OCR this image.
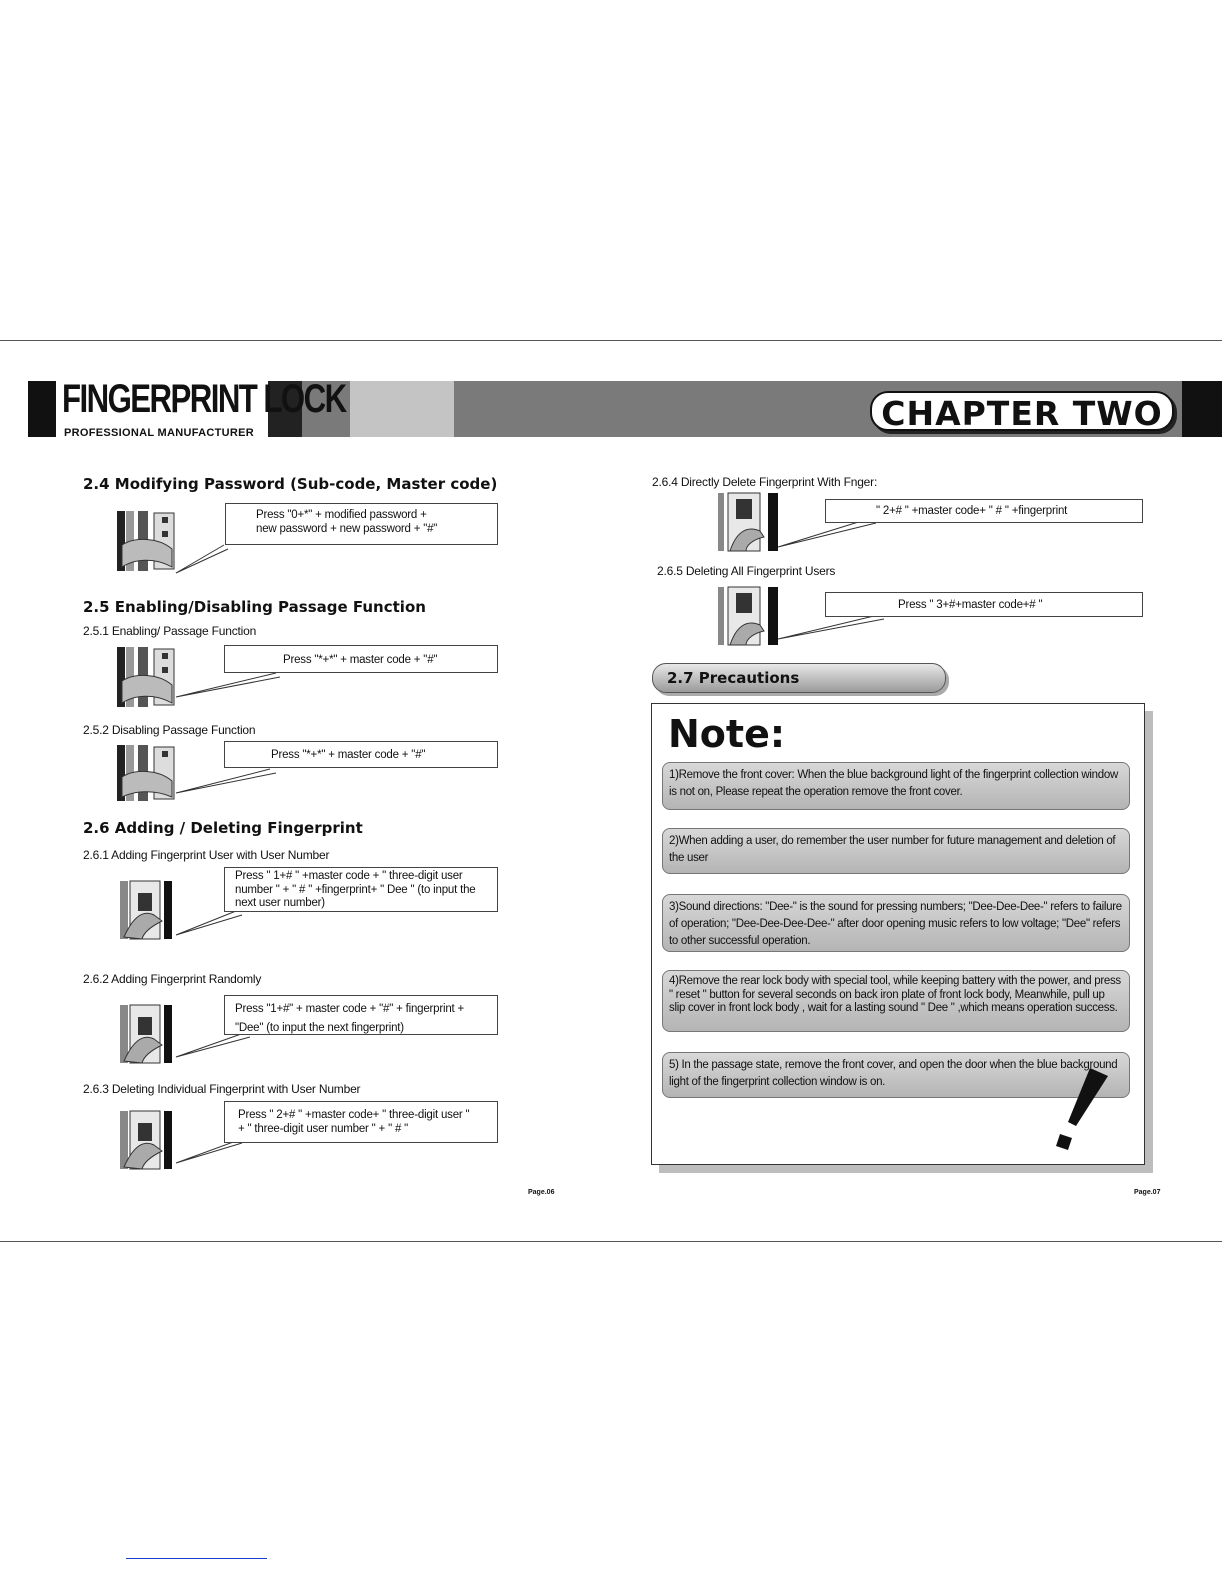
FINGERPRINT LOCK
PROFESSIONAL MANUFACTURER	CHAPTER TWO
2.4 Modifying Password (Sub-code, Master code)
Press "0+*" + modified password +
new password + new password + "#"
2.5 Enabling/Disabling Passage Function
2.5.1 Enabling/ Passage Function
Press "*+*" + master code + "#"
2.5.2 Disabling Passage Function
Press "*+*" + master code + "#"
2.6 Adding / Deleting Fingerprint
2.6.1 Adding Fingerprint User with User Number
Press " 1+# " +master code + " three-digit user number " + " # " +fingerprint+ " Dee " (to input the next user number)
2.6.2 Adding Fingerprint Randomly
Press "1+#" + master code + "#" + fingerprint +
"Dee" (to input the next fingerprint)
2.6.3 Deleting Individual Fingerprint with User Number
Press " 2+# " +master code+ " three-digit user "
+ " three-digit user number " + " # "
Page.06
2.6.4 Directly Delete Fingerprint With Fnger:
" 2+# " +master code+ " # " +fingerprint
2.6.5 Deleting All Fingerprint Users
Press " 3+#+master code+# "
2.7 Precautions
Note:
1)Remove the front cover: When the blue background light of the fingerprint collection window is not on, Please repeat the operation remove the front cover.
2)When adding a user, do remember the user number for future management and deletion of the user
3)Sound directions: "Dee-" is the sound for pressing numbers; "Dee-Dee-Dee-" refers to failure of operation; "Dee-Dee-Dee-Dee-" after door opening music refers to low voltage; "Dee" refers to other successful operation.
4)Remove the rear lock body with special tool, while keeping battery with the power, and press " reset " button for several seconds on back iron plate of front lock body, Meanwhile, pull up slip cover in front lock body , wait for a lasting sound " Dee " ,which means operation success.
5) In the passage state, remove the front cover, and open the door when the blue background light of the fingerprint collection window is on.
Page.07
